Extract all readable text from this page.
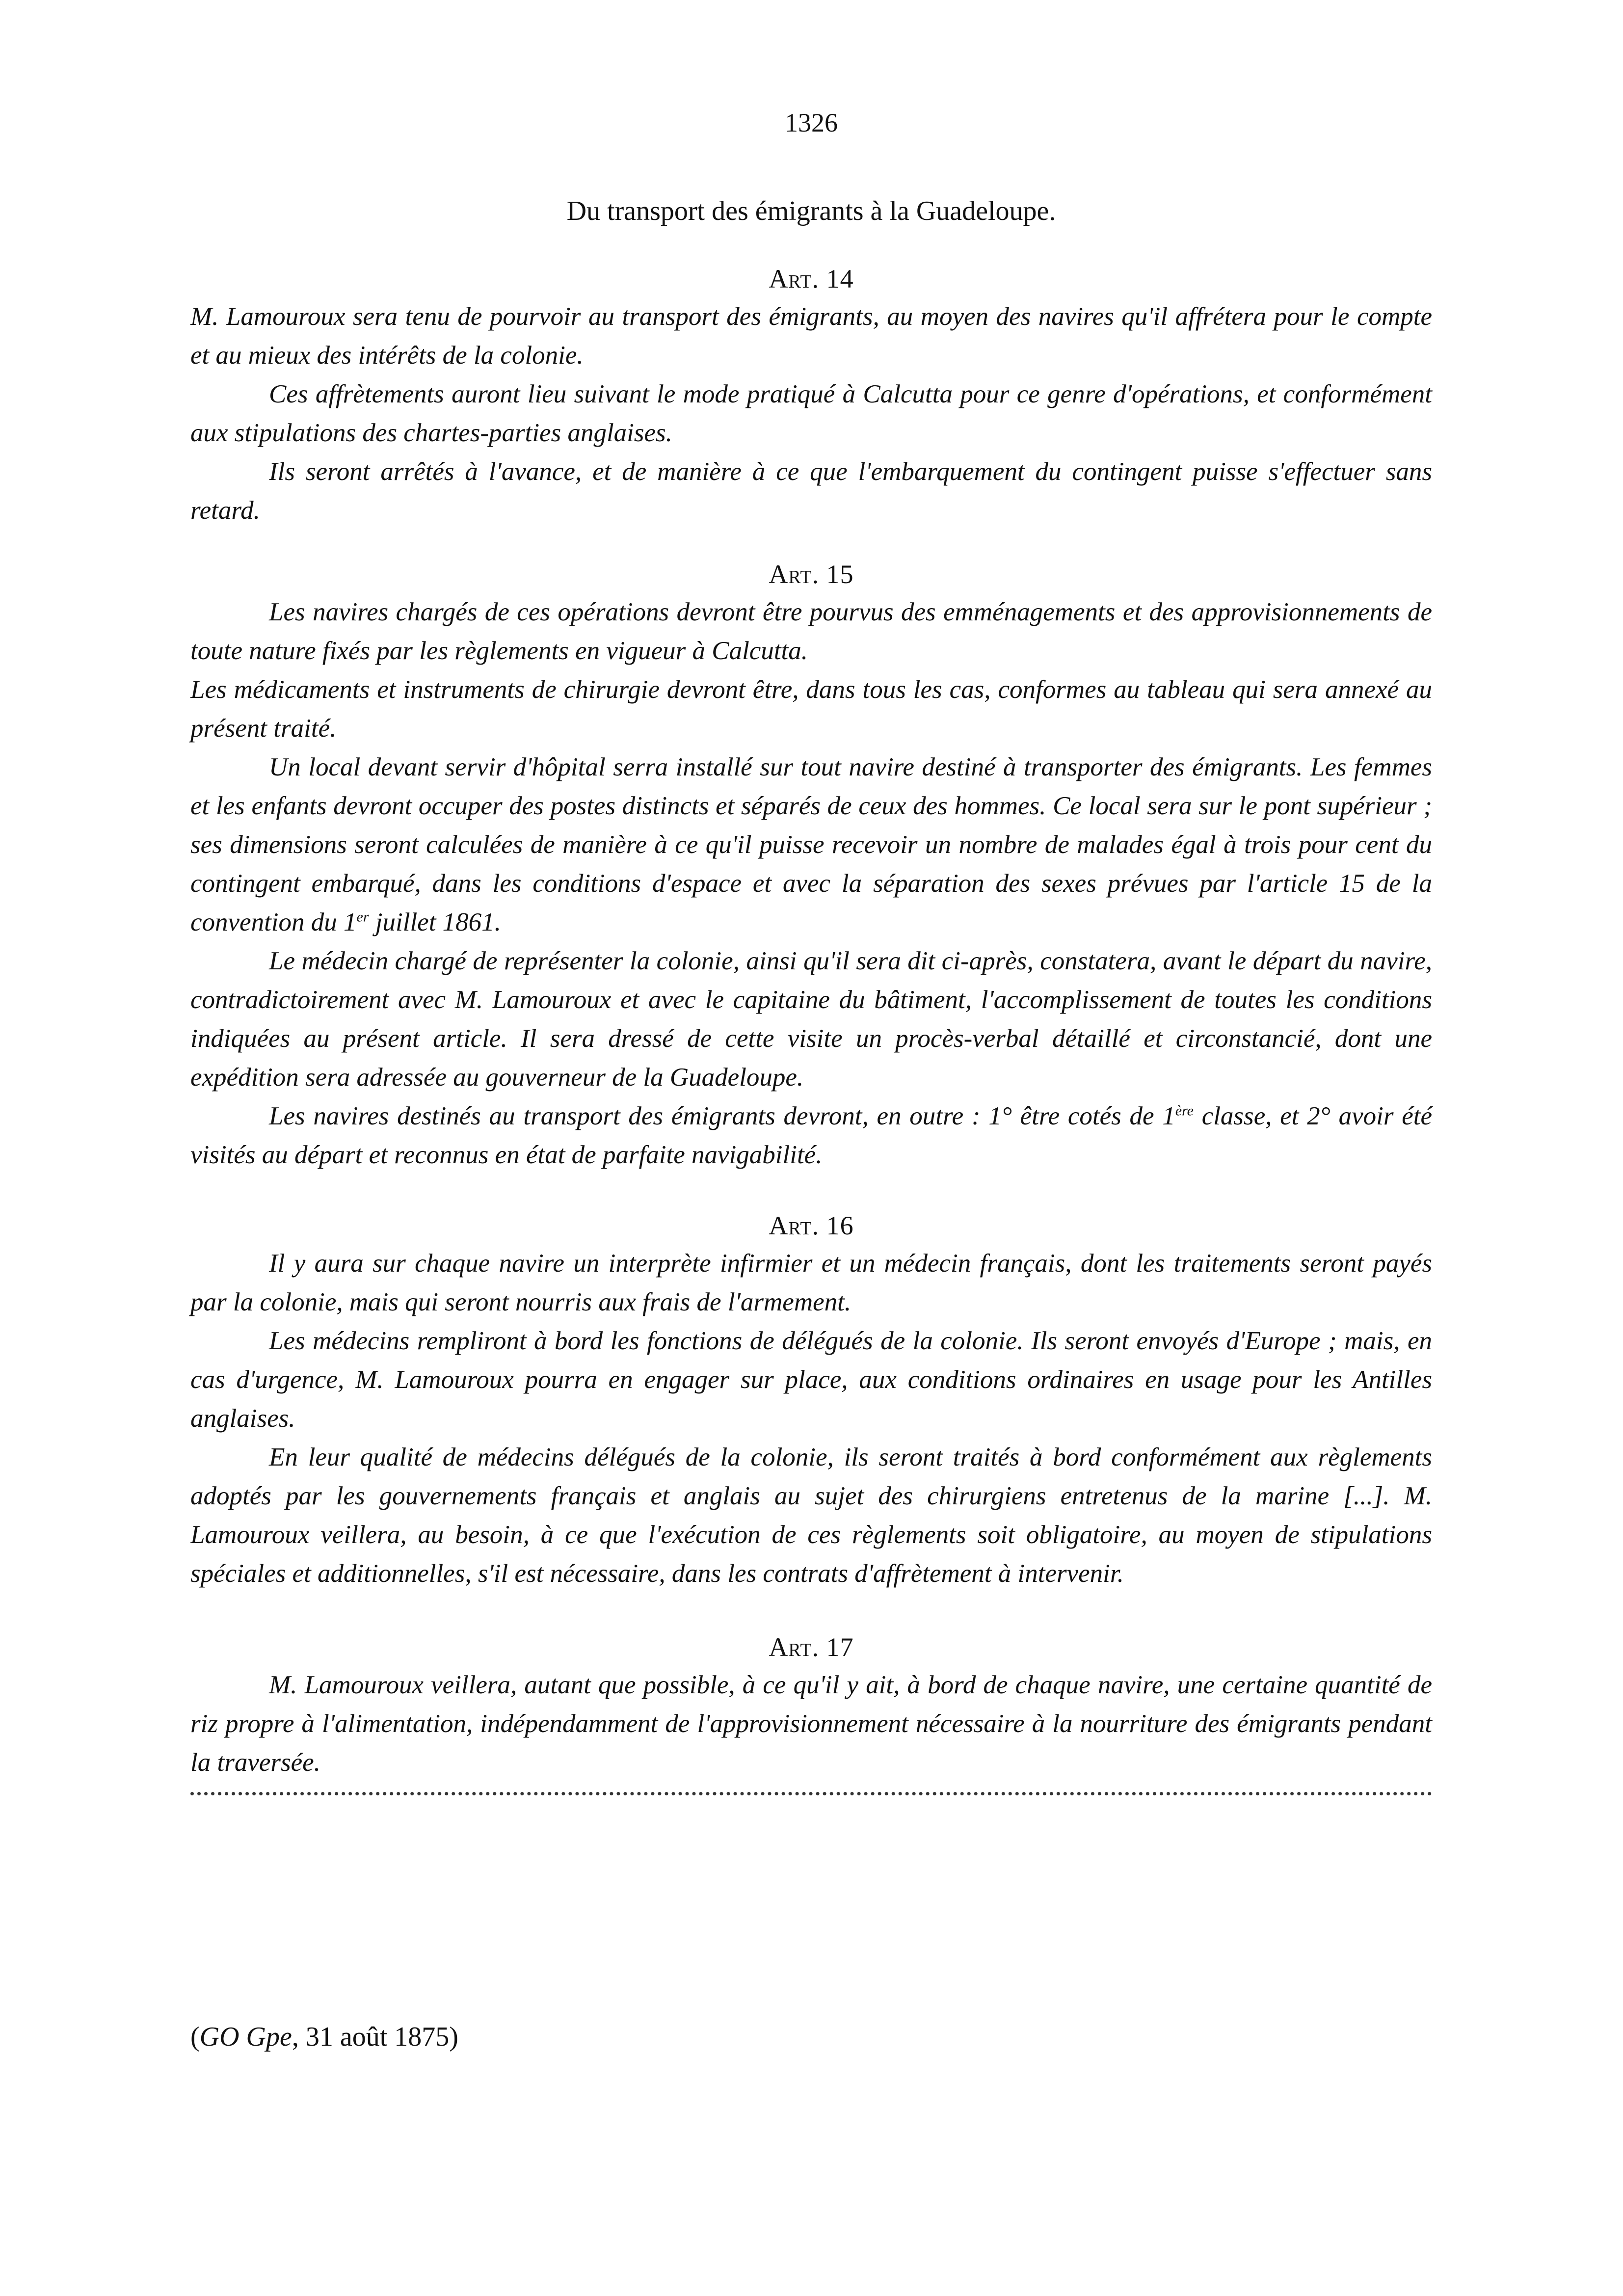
1326
Du transport des émigrants à la Guadeloupe.
Art. 14

M. Lamouroux sera tenu de pourvoir au transport des émigrants, au moyen des navires qu'il affrétera pour le compte et au mieux des intérêts de la colonie.

Ces affrètements auront lieu suivant le mode pratiqué à Calcutta pour ce genre d'opérations, et conformément aux stipulations des chartes-parties anglaises.

Ils seront arrêtés à l'avance, et de manière à ce que l'embarquement du contingent puisse s'effectuer sans retard.

Art. 15

Les navires chargés de ces opérations devront être pourvus des emménagements et des approvisionnements de toute nature fixés par les règlements en vigueur à Calcutta.

Les médicaments et instruments de chirurgie devront être, dans tous les cas, conformes au tableau qui sera annexé au présent traité.

Un local devant servir d'hôpital serra installé sur tout navire destiné à transporter des émigrants. Les femmes et les enfants devront occuper des postes distincts et séparés de ceux des hommes. Ce local sera sur le pont supérieur ; ses dimensions seront calculées de manière à ce qu'il puisse recevoir un nombre de malades égal à trois pour cent du contingent embarqué, dans les conditions d'espace et avec la séparation des sexes prévues par l'article 15 de la convention du 1er juillet 1861.

Le médecin chargé de représenter la colonie, ainsi qu'il sera dit ci-après, constatera, avant le départ du navire, contradictoirement avec M. Lamouroux et avec le capitaine du bâtiment, l'accomplissement de toutes les conditions indiquées au présent article. Il sera dressé de cette visite un procès-verbal détaillé et circonstancié, dont une expédition sera adressée au gouverneur de la Guadeloupe.

Les navires destinés au transport des émigrants devront, en outre : 1° être cotés de 1ère classe, et 2° avoir été visités au départ et reconnus en état de parfaite navigabilité.

Art. 16

Il y aura sur chaque navire un interprète infirmier et un médecin français, dont les traitements seront payés par la colonie, mais qui seront nourris aux frais de l'armement.

Les médecins rempliront à bord les fonctions de délégués de la colonie. Ils seront envoyés d'Europe ; mais, en cas d'urgence, M. Lamouroux pourra en engager sur place, aux conditions ordinaires en usage pour les Antilles anglaises.

En leur qualité de médecins délégués de la colonie, ils seront traités à bord conformément aux règlements adoptés par les gouvernements français et anglais au sujet des chirurgiens entretenus de la marine [...]. M. Lamouroux veillera, au besoin, à ce que l'exécution de ces règlements soit obligatoire, au moyen de stipulations spéciales et additionnelles, s'il est nécessaire, dans les contrats d'affrètement à intervenir.

Art. 17

M. Lamouroux veillera, autant que possible, à ce qu'il y ait, à bord de chaque navire, une certaine quantité de riz propre à l'alimentation, indépendamment de l'approvisionnement nécessaire à la nourriture des émigrants pendant la traversée.

(GO Gpe, 31 août 1875)
